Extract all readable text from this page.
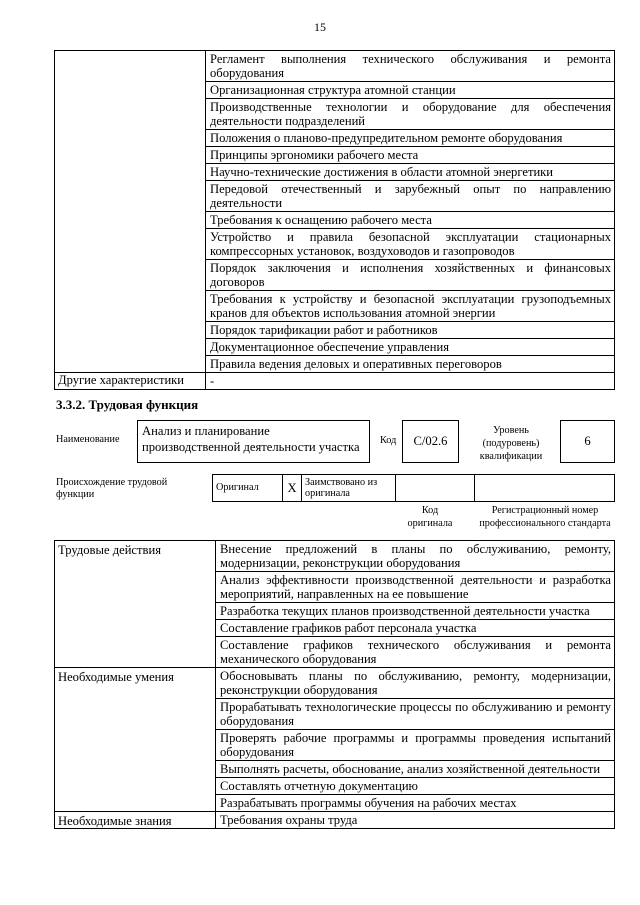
15
	Регламент выполнения технического обслуживания и ремонта оборудования
	Организационная структура атомной станции
	Производственные технологии и оборудование для обеспечения деятельности подразделений
	Положения о планово-предупредительном ремонте оборудования
	Принципы эргономики рабочего места
	Научно-технические достижения в области атомной энергетики
	Передовой отечественный и зарубежный опыт по направлению деятельности
	Требования к оснащению рабочего места
	Устройство и правила безопасной эксплуатации стационарных компрессорных установок, воздуховодов и газопроводов
	Порядок заключения и исполнения хозяйственных и финансовых договоров
	Требования к устройству и безопасной эксплуатации грузоподъемных кранов для объектов использования атомной энергии
	Порядок тарификации работ и работников
	Документационное обеспечение управления
	Правила ведения деловых и оперативных переговоров
Другие характеристики	-
3.3.2. Трудовая функция
Наименование
Анализ и планирование
производственной деятельности участка	Код	C/02.6
Уровень
(подуровень)
квалификации
6
Происхождение трудовой
функции
Оригинал	X	Заимствовано из
оригинала

Код
оригинала
Регистрационный номер
профессионального стандарта
Трудовые действия	Внесение предложений в планы по обслуживанию, ремонту, модернизации, реконструкции оборудования
	Анализ эффективности производственной деятельности и разработка мероприятий, направленных на ее повышение
	Разработка текущих планов производственной деятельности участка
	Составление графиков работ персонала участка
	Составление графиков технического обслуживания и ремонта механического оборудования
Необходимые умения	Обосновывать планы по обслуживанию, ремонту, модернизации, реконструкции оборудования
	Прорабатывать технологические процессы по обслуживанию и ремонту оборудования
	Проверять рабочие программы и программы проведения испытаний оборудования
	Выполнять расчеты, обоснование, анализ хозяйственной деятельности
	Составлять отчетную документацию
	Разрабатывать программы обучения на рабочих местах
Необходимые знания	Требования охраны труда
